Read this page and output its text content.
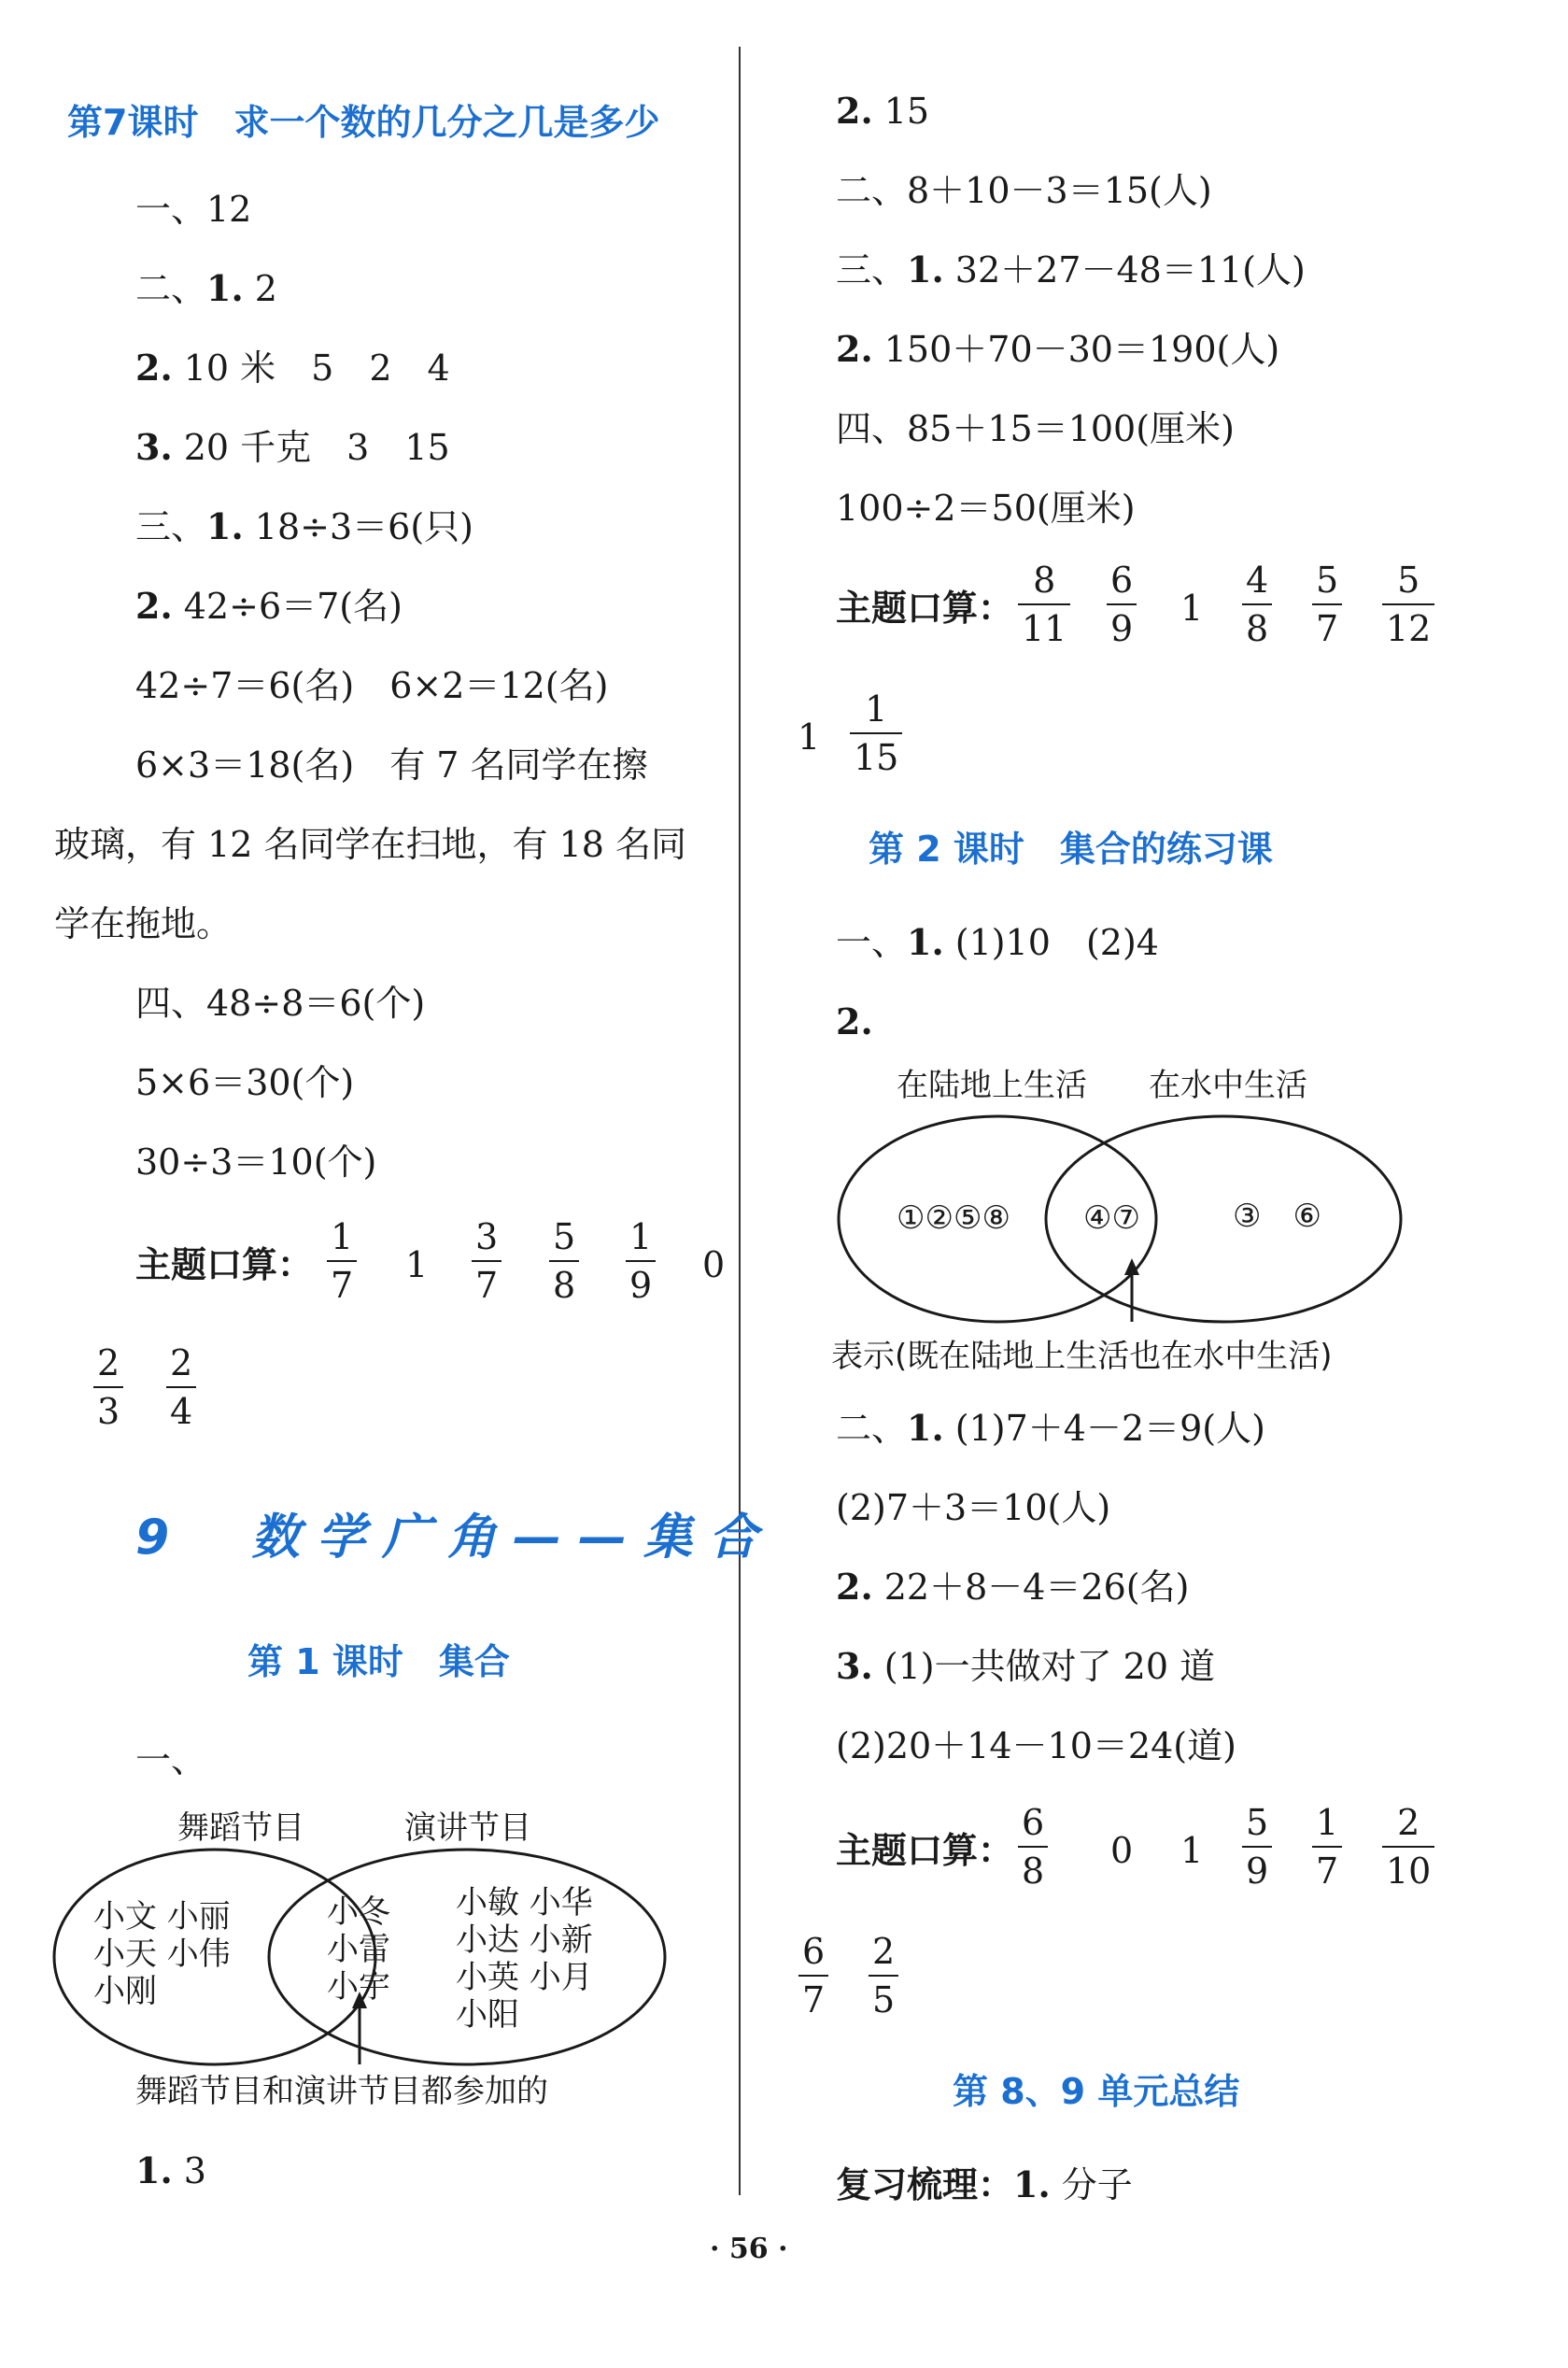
第7课时　求一个数的几分之几是多少
一、12
二、1. 2
2. 10 米　5　2　4
3. 20 千克　3　15
三、1. 18÷3＝6(只)
2. 42÷6＝7(名)
42÷7＝6(名)　6×2＝12(名)
6×3＝18(名)　有 7 名同学在擦
玻璃，有 12 名同学在扫地，有 18 名同
学在拖地。
四、48÷8＝6(个)
5×6＝30(个)
30÷3＝10(个)
主题口算： $\frac{1}{7} 1 \frac{3}{7} \frac{5}{8} \frac{1}{9} 0$
$\frac{2}{3} \frac{2}{4}$
9　数学广角——集合
第 1 课时　集合
一、
舞蹈节目	演讲节目
小文 小丽
小天 小伟
小刚
小冬
小雷
小宇
小敏 小华
小达 小新
小英 小月
小阳
舞蹈节目和演讲节目都参加的
1. 3
2. 15
二、8＋10－3＝15(人)
三、1. 32＋27－48＝11(人)
2. 150＋70－30＝190(人)
四、85＋15＝100(厘米)
100÷2＝50(厘米)
主题口算： $\frac{8}{11} \frac{6}{9} 1 \frac{4}{8} \frac{5}{7} \frac{5}{12}$
$1 \frac{1}{15}$
第 2 课时　集合的练习课
一、1. (1)10　(2)4
2.
在陆地上生活 在水中生活
①②⑤⑧ ④⑦	③　⑥
表示(既在陆地上生活也在水中生活)
二、1. (1)7＋4－2＝9(人)
(2)7＋3＝10(人)
2. 22＋8－4＝26(名)
3. (1)一共做对了 20 道
(2)20＋14－10＝24(道)
主题口算： $\frac{6}{8} 0$ $1 \frac{5}{9} \frac{1}{7} \frac{2}{10}$
$\frac{6}{7} \frac{2}{5}$
第 8、9 单元总结
复习梳理：1. 分子
· 56 ·
